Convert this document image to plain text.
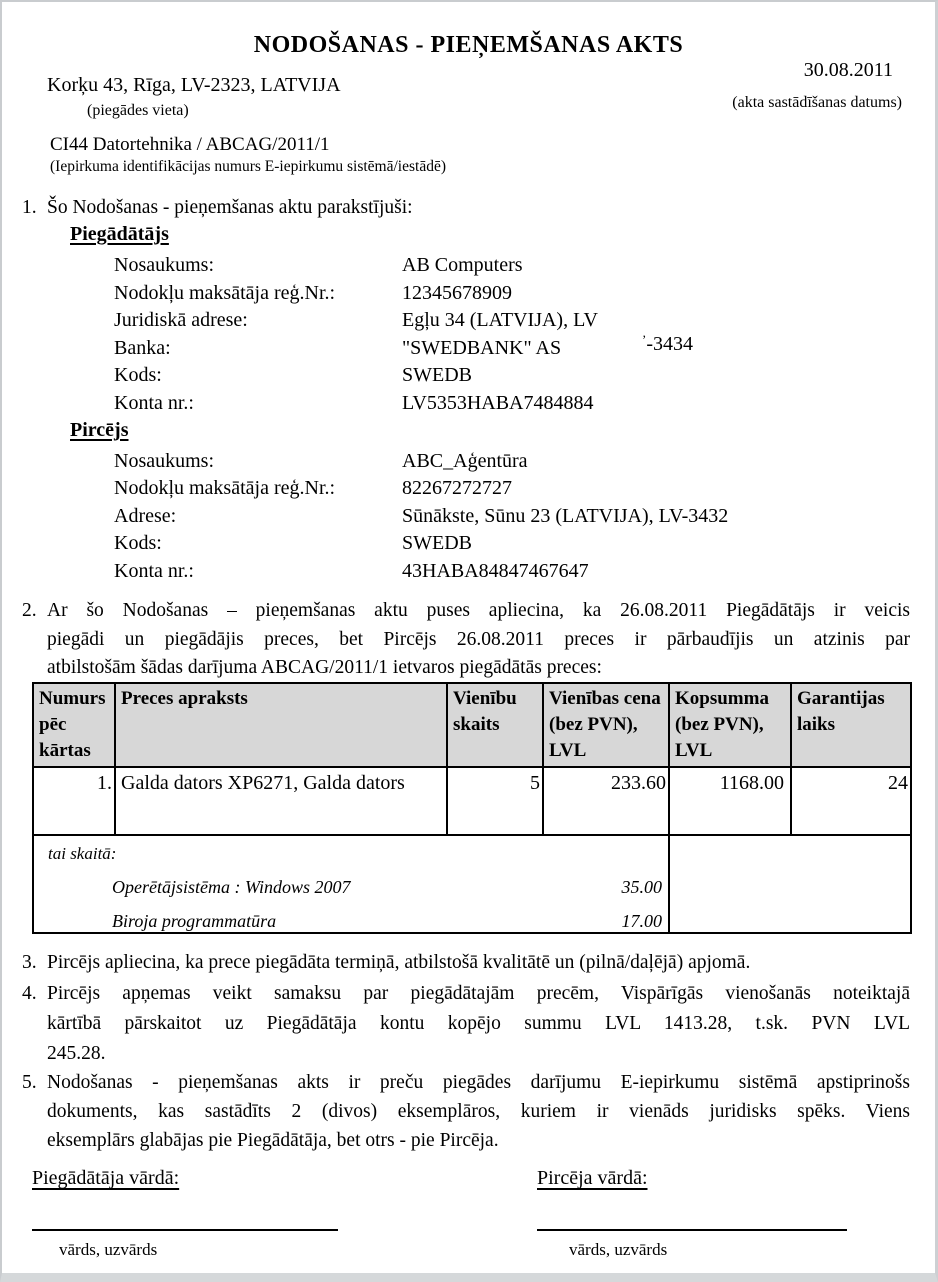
NODOŠANAS - PIEŅEMŠANAS AKTS
30.08.2011
Korķu 43, Rīga, LV-2323, LATVIJA
(piegādes vieta)	(akta sastādīšanas datums)
CI44 Datortehnika / ABCAG/2011/1
(Iepirkuma identifikācijas numurs E-iepirkumu sistēmā/iestādē)
1. Šo Nodošanas - pieņemšanas aktu parakstījuši:
Piegādātājs
Nosaukums:	AB Computers
Nodokļu maksātāja reģ.Nr.:	12345678909
Juridiskā adrese:	Egļu 34 (LATVIJA), LV
Banka:	"SWEDBANK" AS
Kods:	SWEDB
Konta nr.:	LV5353HABA7484884
’-3434
Pircējs
Nosaukums:	ABC_Aģentūra
Nodokļu maksātāja reģ.Nr.:	82267272727
Adrese:	Sūnākste, Sūnu 23 (LATVIJA), LV-3432
Kods:	SWEDB
Konta nr.:	43HABA84847467647
2. Ar šo Nodošanas – pieņemšanas aktu puses apliecina, ka 26.08.2011 Piegādātājs ir veicis
piegādi un piegādājis preces, bet Pircējs 26.08.2011 preces ir pārbaudījis un atzinis par
atbilstošām šādas darījuma ABCAG/2011/1 ietvaros piegādātās preces:
Numurs pēc kārtas	Preces apraksts	Vienību skaits	Vienības cena (bez PVN), LVL	Kopsumma (bez PVN), LVL	Garantijas laiks
1.	Galda dators XP6271, Galda dators	5	233.60	1168.00	24

tai skaitā:
Operētājsistēma : Windows 2007 35.00
Biroja programmatūra 17.00					

3. Pircējs apliecina, ka prece piegādāta termiņā, atbilstošā kvalitātē un (pilnā/daļējā) apjomā.
4. Pircējs apņemas veikt samaksu par piegādātajām precēm, Vispārīgās vienošanās noteiktajā
kārtībā pārskaitot uz Piegādātāja kontu kopējo summu LVL 1413.28, t.sk. PVN LVL
245.28.
5. Nodošanas - pieņemšanas akts ir preču piegādes darījumu E-iepirkumu sistēmā apstiprinošs
dokuments, kas sastādīts 2 (divos) eksemplāros, kuriem ir vienāds juridisks spēks. Viens
eksemplārs glabājas pie Piegādātāja, bet otrs - pie Pircēja.
Piegādātāja vārdā:	Pircēja vārdā:
vārds, uzvārds	vārds, uzvārds
